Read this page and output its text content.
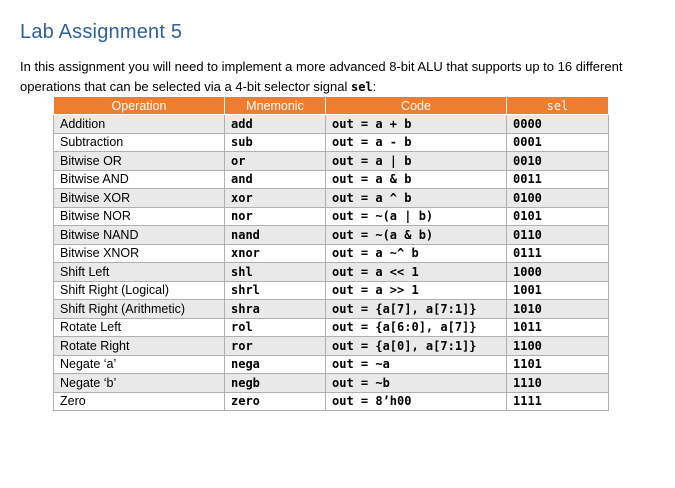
Lab Assignment 5

In this assignment you will need to implement a more advanced 8-bit ALU that supports up to 16 different operations that can be selected via a 4-bit selector signal sel:

Operation	Mnemonic	Code	sel
Addition	add	out = a + b	0000
Subtraction	sub	out = a - b	0001
Bitwise OR	or	out = a | b	0010
Bitwise AND	and	out = a & b	0011
Bitwise XOR	xor	out = a ^ b	0100
Bitwise NOR	nor	out = ~(a | b)	0101
Bitwise NAND	nand	out = ~(a & b)	0110
Bitwise XNOR	xnor	out = a ~^ b	0111
Shift Left	shl	out = a << 1	1000
Shift Right (Logical)	shrl	out = a >> 1	1001
Shift Right (Arithmetic)	shra	out = {a[7], a[7:1]}	1010
Rotate Left	rol	out = {a[6:0], a[7]}	1011
Rotate Right	ror	out = {a[0], a[7:1]}	1100
Negate ‘a’	nega	out = ~a	1101
Negate ‘b’	negb	out = ~b	1110
Zero	zero	out = 8’h00	1111
